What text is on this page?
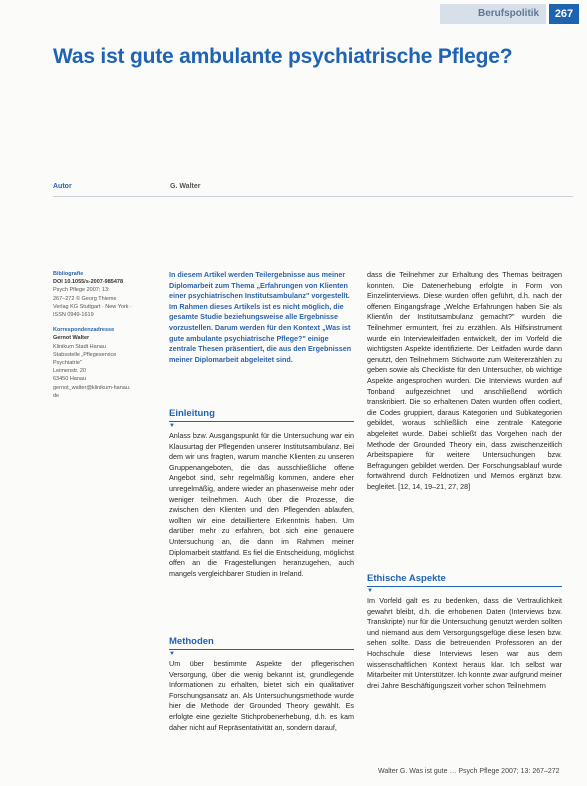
Berufspolitik	267
Was ist gute ambulante psychiatrische Pflege?
Autor	G. Walter
Bibliografie
DOI 10.1055/s-2007-985478
Psych Pflege 2007; 13:
267–272 © Georg Thieme
Verlag KG Stuttgart · New York ·
ISSN 0949-1619
Korrespondenzadresse
Gernot Walter
Klinikum Stadt Hanau
Stabsstelle „Pflegeservice
Psychiatrie"
Leimenstr. 20
63450 Hanau
gernot_walter@klinikum-hanau.
de
In diesem Artikel werden Teilergebnisse aus meiner Diplomarbeit zum Thema „Erfahrungen von Klienten einer psychiatrischen Institutsambulanz" vorgestellt. Im Rahmen dieses Artikels ist es nicht möglich, die gesamte Studie beziehungsweise alle Ergebnisse vorzustellen. Darum werden für den Kontext „Was ist gute ambulante psychiatrische Pflege?" einige zentrale Thesen präsentiert, die aus den Ergebnissen meiner Diplomarbeit abgeleitet sind.
Einleitung
▼
Anlass bzw. Ausgangspunkt für die Untersuchung war ein Klausurtag der Pflegenden unserer Institutsambulanz. Bei dem wir uns fragten, warum manche Klienten zu unseren Gruppenangeboten, die das ausschließliche offene Angebot sind, sehr regelmäßig kommen, andere eher unregelmäßig, andere wieder an phasenweise mehr oder weniger teilnehmen. Auch über die Prozesse, die zwischen den Klienten und den Pflegenden ablaufen, wollten wir eine detailliertere Erkenntnis haben. Um darüber mehr zu erfahren, bot sich eine genauere Untersuchung an, die dann im Rahmen meiner Diplomarbeit stattfand. Es fiel die Entscheidung, möglichst offen an die Fragestellungen heranzugehen, auch mangels vergleichbarer Studien in Ireland.
Methoden
▼
Um über bestimmte Aspekte der pflegerischen Versorgung, über die wenig bekannt ist, grundlegende Informationen zu erhalten, bietet sich ein qualitativer Forschungsansatz an. Als Untersuchungsmethode wurde hier die Methode der Grounded Theory gewählt. Es erfolgte eine gezielte Stichprobenerhebung, d.h. es kam daher nicht auf Repräsentativität an, sondern darauf,
dass die Teilnehmer zur Erhaltung des Themas beitragen konnten. Die Datenerhebung erfolgte in Form von Einzelinterviews. Diese wurden offen geführt, d.h. nach der offenen Eingangsfrage „Welche Erfahrungen haben Sie als Klient/in der Institutsambulanz gemacht?" wurden die Teilnehmer ermuntert, frei zu erzählen. Als Hilfsinstrument wurde ein Interviewleitfaden entwickelt, der im Vorfeld die wichtigsten Aspekte identifizierte. Der Leitfaden wurde dann genutzt, den Teilnehmern Stichworte zum Weitererzählen zu geben sowie als Checkliste für den Untersucher, ob wichtige Aspekte angesprochen wurden. Die Interviews wurden auf Tonband aufgezeichnet und anschließend wörtlich transkribiert. Die so erhaltenen Daten wurden offen codiert, die Codes gruppiert, daraus Kategorien und Subkategorien gebildet, woraus schließlich eine zentrale Kategorie abgeleitet wurde. Dabei schließt das Vorgehen nach der Methode der Grounded Theory ein, dass zwischenzeitlich Arbeitspapiere für weitere Untersuchungen bzw. Befragungen gebildet werden. Der Forschungsablauf wurde fortwährend durch Feldnotizen und Memos ergänzt bzw. begleitet. [12, 14, 19–21, 27, 28]
Ethische Aspekte
▼
Im Vorfeld galt es zu bedenken, dass die Vertraulichkeit gewahrt bleibt, d.h. die erhobenen Daten (Interviews bzw. Transkripte) nur für die Untersuchung genutzt werden sollten und niemand aus dem Versorgungsgefüge diese lesen bzw. sehen sollte. Dass die betreuenden Professoren an der Hochschule diese Interviews lesen war aus dem wissenschaftlichen Kontext heraus klar. Ich selbst war Mitarbeiter mit Unterstützer. Ich konnte zwar aufgrund meiner drei Jahre Beschäftigungszeit vorher schon Teilnehmern
Walter G. Was ist gute … Psych Pflege 2007; 13: 267–272
